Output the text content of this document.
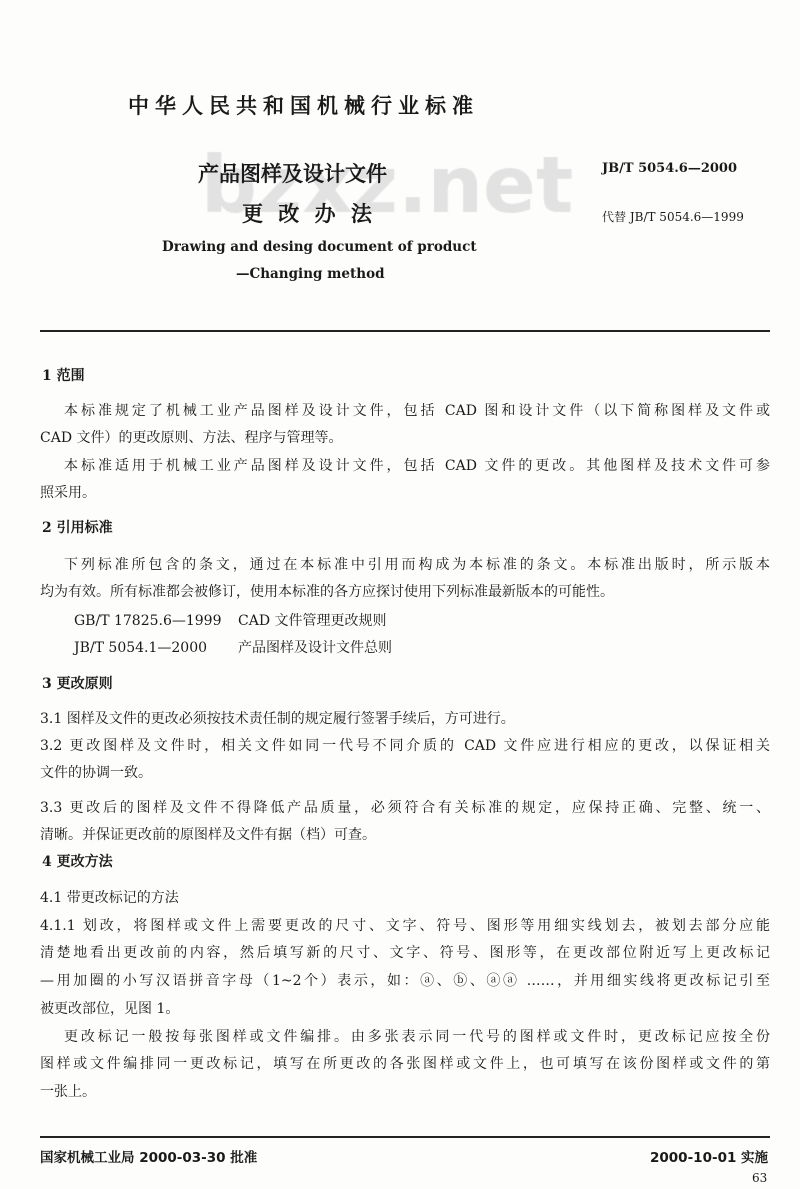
中华人民共和国机械行业标准
产品图样及设计文件
更 改 办 法
Drawing and desing document of product
—Changing method
JB/T 5054.6—2000
代替 JB/T 5054.6—1999
1 范围
本标准规定了机械工业产品图样及设计文件，包括 CAD 图和设计文件（以下简称图样及文件或
CAD 文件）的更改原则、方法、程序与管理等。
本标准适用于机械工业产品图样及设计文件，包括 CAD 文件的更改。其他图样及技术文件可参
照采用。
2 引用标准
下列标准所包含的条文，通过在本标准中引用而构成为本标准的条文。本标准出版时，所示版本
均为有效。所有标准都会被修订，使用本标准的各方应探讨使用下列标准最新版本的可能性。
GB/T 17825.6—1999 CAD 文件管理更改规则
JB/T 5054.1—2000 产品图样及设计文件总则
3 更改原则
3.1 图样及文件的更改必须按技术责任制的规定履行签署手续后，方可进行。
3.2 更改图样及文件时，相关文件如同一代号不同介质的 CAD 文件应进行相应的更改，以保证相关
文件的协调一致。
3.3 更改后的图样及文件不得降低产品质量，必须符合有关标准的规定，应保持正确、完整、统一、
清晰。并保证更改前的原图样及文件有据（档）可查。
4 更改方法
4.1 带更改标记的方法
4.1.1 划改，将图样或文件上需要更改的尺寸、文字、符号、图形等用细实线划去，被划去部分应能
清楚地看出更改前的内容，然后填写新的尺寸、文字、符号、图形等，在更改部位附近写上更改标记
—用加圈的小写汉语拼音字母（1~2个）表示，如：ⓐ、ⓑ、ⓐⓐ ……，并用细实线将更改标记引至
被更改部位，见图 1。
更改标记一般按每张图样或文件编排。由多张表示同一代号的图样或文件时，更改标记应按全份
图样或文件编排同一更改标记，填写在所更改的各张图样或文件上，也可填写在该份图样或文件的第
一张上。
国家机械工业局 2000-03-30 批准	2000-10-01 实施
63
